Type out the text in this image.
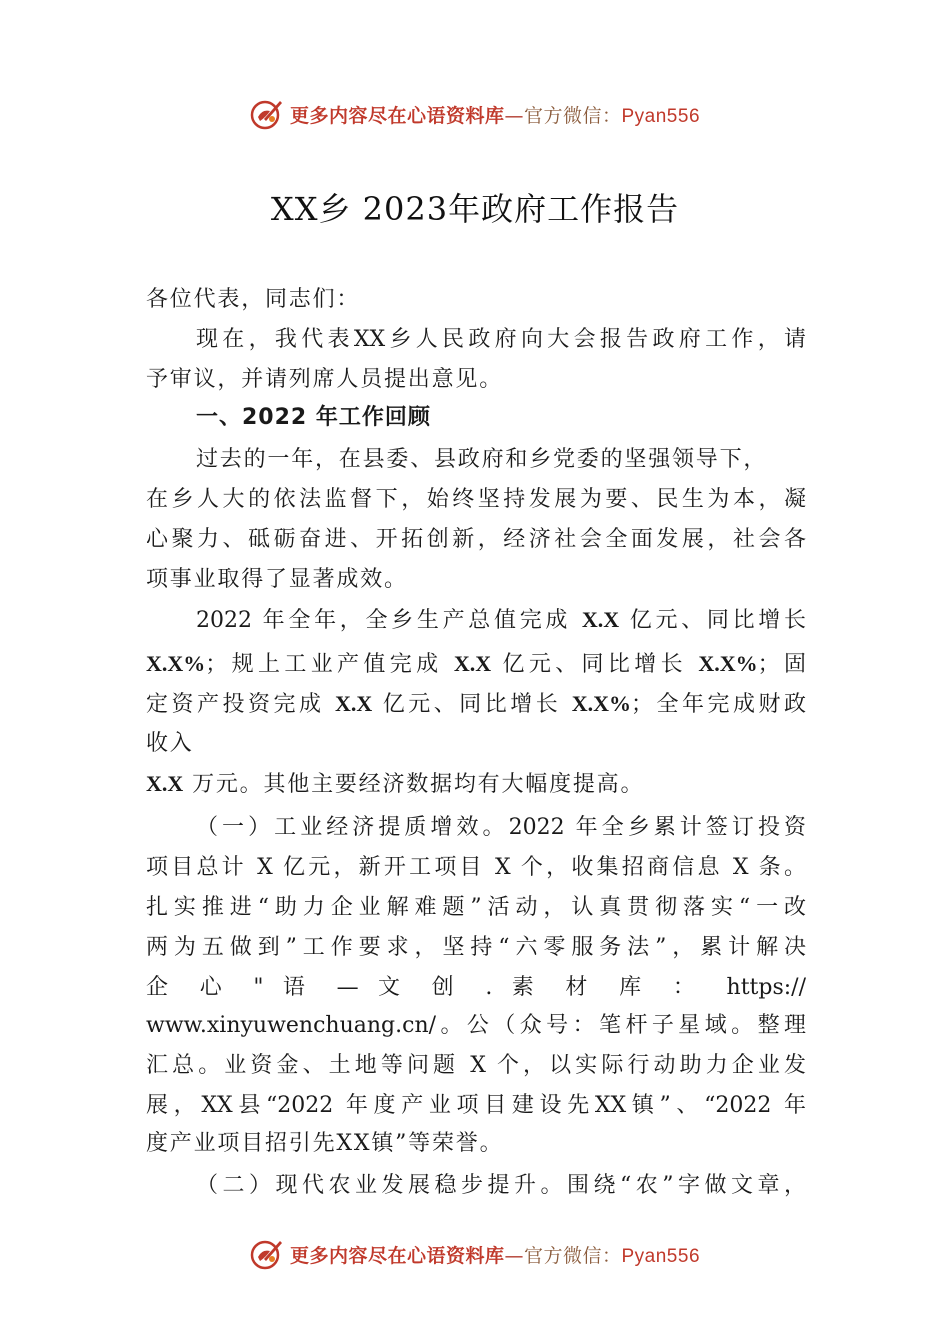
更多内容尽在心语资料库—官方微信：Pyan556
XX乡 2023年政府工作报告
各位代表，同志们：
现在，我代表XX乡人民政府向大会报告政府工作，请
予审议，并请列席人员提出意见。
一、2022 年工作回顾
过去的一年，在县委、县政府和乡党委的坚强领导下，
在乡人大的依法监督下，始终坚持发展为要、民生为本，凝
心聚力、砥砺奋进、开拓创新，经济社会全面发展，社会各
项事业取得了显著成效。
2022 年全年，全乡生产总值完成 X.X 亿元、同比增长
X.X%；规上工业产值完成 X.X 亿元、同比增长 X.X%；固
定资产投资完成 X.X 亿元、同比增长 X.X%；全年完成财政
收入
X.X 万元。其他主要经济数据均有大幅度提高。
（一）工业经济提质增效。2022 年全乡累计签订投资
项目总计 X 亿元，新开工项目 X 个，收集招商信息 X 条。
扎实推进“助力企业解难题”活动，认真贯彻落实“一改
两为五做到”工作要求，坚持“六零服务法”，累计解决
企 心 " 语 — 文 创 . 素 材 库 ： https://
www.xinyuwenchuang.cn/。公（众号：笔杆子星域。整理
汇总。业资金、土地等问题 X 个，以实际行动助力企业发
展，XX县“2022 年度产业项目建设先XX镇”、“2022 年
度产业项目招引先XX镇”等荣誉。
（二）现代农业发展稳步提升。围绕“农”字做文章，
更多内容尽在心语资料库—官方微信：Pyan556
